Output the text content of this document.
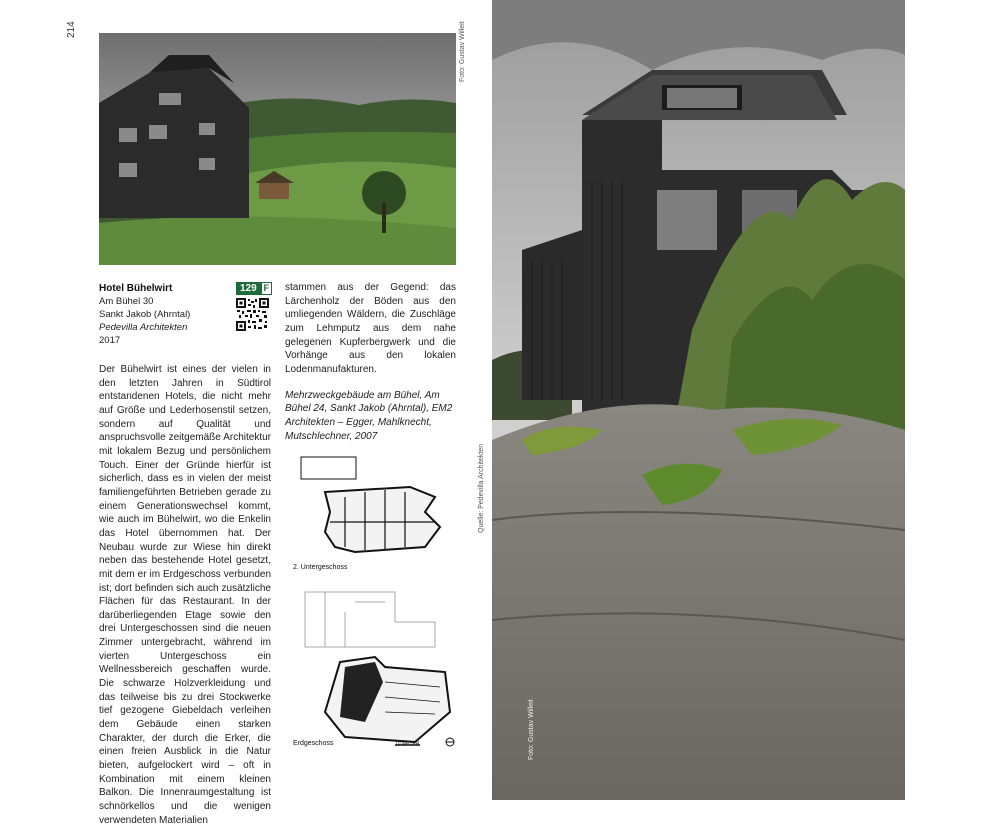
214	Foto: Gustav Willeit
Hotel Bühelwirt
Am Bühel 30
Sankt Jakob (Ahrntal)
Pedevilla Architekten
2017
129 F
Der Bühelwirt ist eines der vielen in den letzten Jahren in Südtirol entstandenen Hotels, die nicht mehr auf Größe und Lederhosenstil setzen, sondern auf Qualität und anspruchsvolle zeitgemäße Architektur mit lokalem Bezug und persönlichem Touch. Einer der Gründe hierfür ist sicherlich, dass es in vielen der meist familiengeführten Betrieben gerade zu einem Generationswechsel kommt, wie auch im Bühelwirt, wo die Enkelin das Hotel übernommen hat. Der Neubau wurde zur Wiese hin direkt neben das bestehende Hotel gesetzt, mit dem er im Erdgeschoss verbunden ist; dort befinden sich auch zusätzliche Flächen für das Restaurant. In der darüberliegenden Etage sowie den drei Untergeschossen sind die neuen Zimmer untergebracht, während im vierten Untergeschoss ein Wellnessbereich geschaffen wurde. Die schwarze Holzverkleidung und das teilweise bis zu drei Stockwerke tief gezogene Giebeldach verleihen dem Gebäude einen starken Charakter, der durch die Erker, die einen freien Ausblick in die Natur bieten, aufgelockert wird – oft in Kombination mit einem kleinen Balkon. Die Innenraumgestaltung ist schnörkellos und die wenigen verwendeten Materialien
stammen aus der Gegend: das Lärchenholz der Böden aus den umliegenden Wäldern, die Zuschläge zum Lehmputz aus dem nahe gelegenen Kupferbergwerk und die Vorhänge aus den lokalen Lodenmanufakturen.
Mehrzweckgebäude am Bühel, Am Bühel 24, Sankt Jakob (Ahrntal), EM2 Architekten – Egger, Mahlknecht, Mutschlechner, 2007
2. Untergeschoss
Erdgeschoss	10 METER
Quelle: Pedevilla Architekten
Foto: Gustav Willeit
